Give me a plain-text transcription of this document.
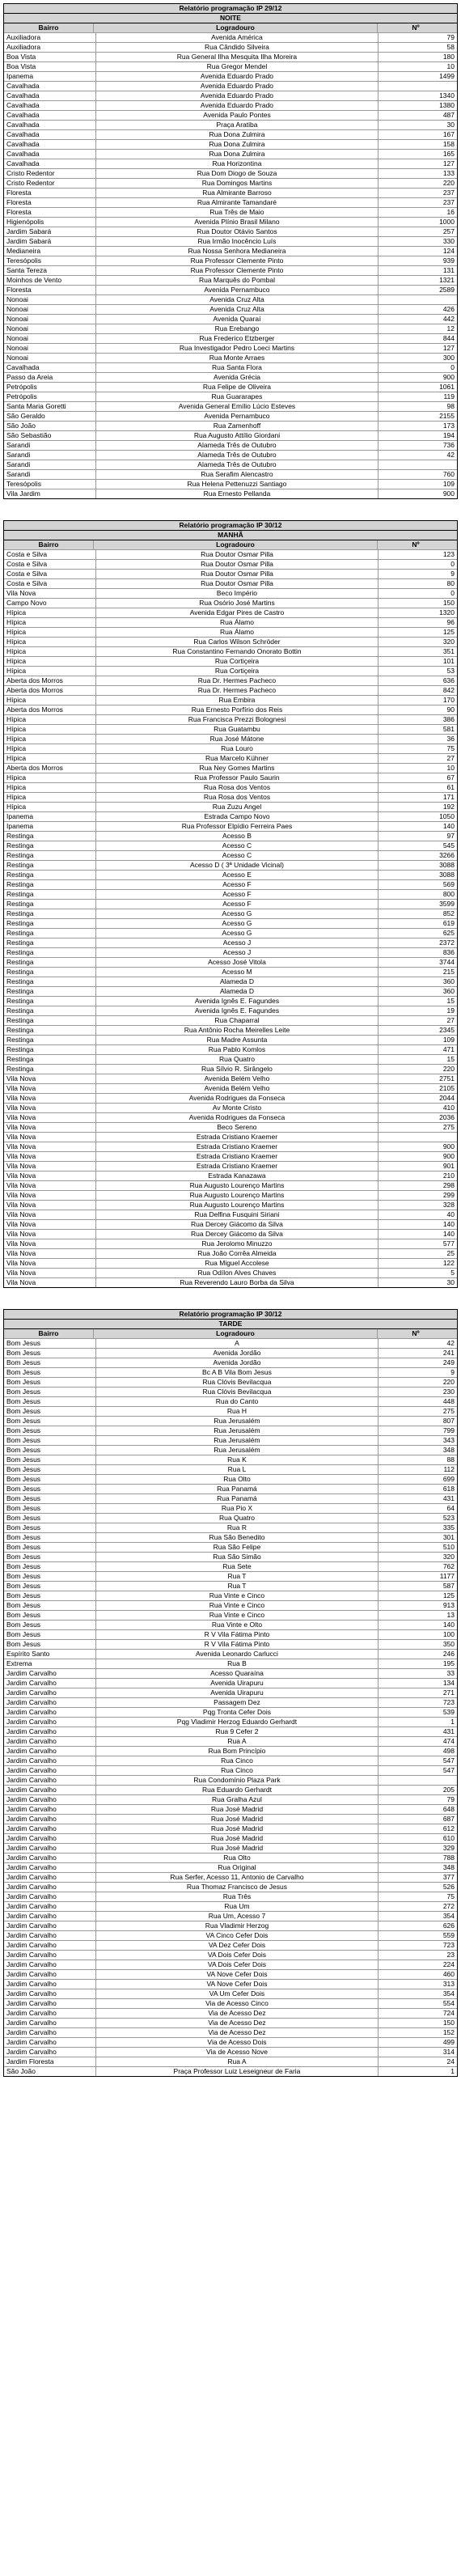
Relatório programação IP 29/12
NOITE
Bairro	Logradouro	Nº
Auxiliadora	Avenida América	79
Auxiliadora	Rua Cândido Silveira	58
Boa Vista	Rua General Ilha Mesquita Ilha Moreira	180
Boa Vista	Rua Gregor Mendel	10
Ipanema	Avenida Eduardo Prado	1499
Cavalhada	Avenida Eduardo Prado
Cavalhada	Avenida Eduardo Prado	1340
Cavalhada	Avenida Eduardo Prado	1380
Cavalhada	Avenida Paulo Pontes	487
Cavalhada	Praça Aratiba	30
Cavalhada	Rua Dona Zulmira	167
Cavalhada	Rua Dona Zulmira	158
Cavalhada	Rua Dona Zulmira	165
Cavalhada	Rua Horizontina	127
Cristo Redentor	Rua Dom Diogo de Souza	133
Cristo Redentor	Rua Domingos Martins	220
Floresta	Rua Almirante Barroso	237
Floresta	Rua Almirante Tamandaré	237
Floresta	Rua Três de Maio	16
Higienópolis	Avenida Plínio Brasil Milano	1000
Jardim Sabará	Rua Doutor Otávio Santos	257
Jardim Sabará	Rua Irmão Inocêncio Luís	330
Medianeira	Rua Nossa Senhora Medianeira	124
Teresópolis	Rua Professor Clemente Pinto	939
Santa Tereza	Rua Professor Clemente Pinto	131
Moinhos de Vento	Rua Marquês do Pombal	1321
Floresta	Avenida Pernambuco	2589
Nonoai	Avenida Cruz Alta
Nonoai	Avenida Cruz Alta	426
Nonoai	Avenida Quaraí	442
Nonoai	Rua Erebango	12
Nonoai	Rua Frederico Etzberger	844
Nonoai	Rua Investigador Pedro Loeci Martins	127
Nonoai	Rua Monte Arraes	300
Cavalhada	Rua Santa Flora	0
Passo da Areia	Avenida Grécia	900
Petrópolis	Rua Felipe de Oliveira	1061
Petrópolis	Rua Guararapes	119
Santa Maria Goretti	Avenida General Emílio Lúcio Esteves	98
São Geraldo	Avenida Pernambuco	2155
São João	Rua Zamenhoff	173
São Sebastião	Rua Augusto Attílio Giordani	194
Sarandi	Alameda Três de Outubro	736
Sarandi	Alameda Três de Outubro	42
Sarandi	Alameda Três de Outubro
Sarandi	Rua Serafim Alencastro	760
Teresópolis	Rua Helena Pettenuzzi Santiago	109
Vila Jardim	Rua Ernesto Pellanda	900
Relatório programação IP 30/12
MANHÃ
Bairro	Logradouro	Nº
Costa e Silva	Rua Doutor Osmar Pilla	123
Costa e Silva	Rua Doutor Osmar Pilla	0
Costa e Silva	Rua Doutor Osmar Pilla	9
Costa e Silva	Rua Doutor Osmar Pilla	80
Vila Nova	Beco Império	0
Campo Novo	Rua Osório José Martins	150
Hípica	Avenida Edgar Pires de Castro	1320
Hípica	Rua Álamo	96
Hípica	Rua Álamo	125
Hípica	Rua Carlos Wilson Schröder	320
Hípica	Rua Constantino Fernando Onorato Bottin	351
Hípica	Rua Cortiçeira	101
Hípica	Rua Cortiçeira	53
Aberta dos Morros	Rua Dr. Hermes Pacheco	636
Aberta dos Morros	Rua Dr. Hermes Pacheco	842
Hípica	Rua Embira	170
Aberta dos Morros	Rua Ernesto Porfírio dos Reis	90
Hípica	Rua Francisca Prezzi Bolognesi	386
Hípica	Rua Guatambu	581
Hípica	Rua José Mátone	36
Hípica	Rua Louro	75
Hípica	Rua Marcelo Kühner	27
Aberta dos Morros	Rua Ney Gomes Martins	10
Hípica	Rua Professor Paulo Saurin	67
Hípica	Rua Rosa dos Ventos	61
Hípica	Rua Rosa dos Ventos	171
Hípica	Rua Zuzu Angel	192
Ipanema	Estrada Campo Novo	1050
Ipanema	Rua Professor Elpídio Ferreira Paes	140
Restinga	Acesso B	97
Restinga	Acesso C	545
Restinga	Acesso C	3266
Restinga	Acesso D ( 3ª Unidade Vicinal)	3088
Restinga	Acesso E	3088
Restinga	Acesso F	569
Restinga	Acesso F	800
Restinga	Acesso F	3599
Restinga	Acesso G	852
Restinga	Acesso G	619
Restinga	Acesso G	625
Restinga	Acesso J	2372
Restinga	Acesso J	836
Restinga	Acesso José Vitola	3744
Restinga	Acesso M	215
Restinga	Alameda D	360
Restinga	Alameda D	360
Restinga	Avenida Ignês E. Fagundes	15
Restinga	Avenida Ignês E. Fagundes	19
Restinga	Rua Chaparral	27
Restinga	Rua Antônio Rocha Meirelles Leite	2345
Restinga	Rua Madre Assunta	109
Restinga	Rua Pablo Komlos	471
Restinga	Rua Quatro	15
Restinga	Rua Sílvio R. Sirângelo	220
Vila Nova	Avenida Belém Velho	2751
Vila Nova	Avenida Belém Velho	2105
Vila Nova	Avenida Rodrigues da Fonseca	2044
Vila Nova	Av Monte Cristo	410
Vila Nova	Avenida Rodrigues da Fonseca	2036
Vila Nova	Beco Sereno	275
Vila Nova	Estrada Cristiano Kraemer
Vila Nova	Estrada Cristiano Kraemer	900
Vila Nova	Estrada Cristiano Kraemer	900
Vila Nova	Estrada Cristiano Kraemer	901
Vila Nova	Estrada Kanazawa	210
Vila Nova	Rua Augusto Lourenço Martins	298
Vila Nova	Rua Augusto Lourenço Martins	299
Vila Nova	Rua Augusto Lourenço Martins	328
Vila Nova	Rua Delfina Fusquini Siriani	40
Vila Nova	Rua Dercey Giácomo da Silva	140
Vila Nova	Rua Dercey Giácomo da Silva	140
Vila Nova	Rua Jerolomo Minuzzo	577
Vila Nova	Rua João Corrêa Almeida	25
Vila Nova	Rua Miguel Accolese	122
Vila Nova	Rua Odílon Alves Chaves	5
Vila Nova	Rua Reverendo Lauro Borba da Silva	30
Relatório programação IP 30/12
TARDE
Bairro	Logradouro	Nº
Bom Jesus	A	42
Bom Jesus	Avenida Jordão	241
Bom Jesus	Avenida Jordão	249
Bom Jesus	Bc A B Vila Bom Jesus	9
Bom Jesus	Rua Clóvis Bevilacqua	220
Bom Jesus	Rua Clóvis Bevilacqua	230
Bom Jesus	Rua do Canto	448
Bom Jesus	Rua H	275
Bom Jesus	Rua Jerusalém	807
Bom Jesus	Rua Jerusalém	799
Bom Jesus	Rua Jerusalém	343
Bom Jesus	Rua Jerusalém	348
Bom Jesus	Rua K	88
Bom Jesus	Rua L	112
Bom Jesus	Rua Olto	699
Bom Jesus	Rua Panamá	618
Bom Jesus	Rua Panamá	431
Bom Jesus	Rua Pio X	64
Bom Jesus	Rua Quatro	523
Bom Jesus	Rua R	335
Bom Jesus	Rua São Benedito	301
Bom Jesus	Rua São Felipe	510
Bom Jesus	Rua São Simão	320
Bom Jesus	Rua Sete	762
Bom Jesus	Rua T	1177
Bom Jesus	Rua T	587
Bom Jesus	Rua Vinte e Cinco	125
Bom Jesus	Rua Vinte e Cinco	913
Bom Jesus	Rua Vinte e Cinco	13
Bom Jesus	Rua Vinte e Olto	140
Bom Jesus	R V Vila Fátima Pinto	100
Bom Jesus	R V Vila Fátima Pinto	350
Espírito Santo	Avenida Leonardo Carlucci	246
Extrema	Rua B	195
Jardim Carvalho	Acesso Quaraína	33
Jardim Carvalho	Avenida Uirapuru	134
Jardim Carvalho	Avenida Uirapuru	271
Jardim Carvalho	Passagem Dez	723
Jardim Carvalho	Pqg Tronta Cefer Dois	539
Jardim Carvalho	Pqg Vladimir Herzog Eduardo Gerhardt	1
Jardim Carvalho	Rua 9 Cefer 2	431
Jardim Carvalho	Rua A	474
Jardim Carvalho	Rua Bom Princípio	498
Jardim Carvalho	Rua Cinco	547
Jardim Carvalho	Rua Cinco	547
Jardim Carvalho	Rua Condomínio Plaza Park
Jardim Carvalho	Rua Eduardo Gerhardt	205
Jardim Carvalho	Rua Gralha Azul	79
Jardim Carvalho	Rua José Madrid	648
Jardim Carvalho	Rua José Madrid	687
Jardim Carvalho	Rua José Madrid	612
Jardim Carvalho	Rua José Madrid	610
Jardim Carvalho	Rua José Madrid	329
Jardim Carvalho	Rua Olto	788
Jardim Carvalho	Rua Original	348
Jardim Carvalho	Rua Serfer, Acesso 11, Antonio de Carvalho	377
Jardim Carvalho	Rua Thomaz Francisco de Jesus	526
Jardim Carvalho	Rua Três	75
Jardim Carvalho	Rua Um	272
Jardim Carvalho	Rua Um, Acesso 7	354
Jardim Carvalho	Rua Vladimir Herzog	626
Jardim Carvalho	VA Cinco Cefer Dois	559
Jardim Carvalho	VA Dez Cefer Dois	723
Jardim Carvalho	VA Dois Cefer Dois	23
Jardim Carvalho	VA Dois Cefer Dois	224
Jardim Carvalho	VA Nove Cefer Dois	460
Jardim Carvalho	VA Nove Cefer Dois	313
Jardim Carvalho	VA Um Cefer Dois	354
Jardim Carvalho	Via de Acesso Cinco	554
Jardim Carvalho	Via de Acesso Dez	724
Jardim Carvalho	Via de Acesso Dez	150
Jardim Carvalho	Via de Acesso Dez	152
Jardim Carvalho	Via de Acesso Dois	499
Jardim Carvalho	Via de Acesso Nove	314
Jardim Floresta	Rua A	24
São João	Praça Professor Luiz Leseigneur de Faria	1
